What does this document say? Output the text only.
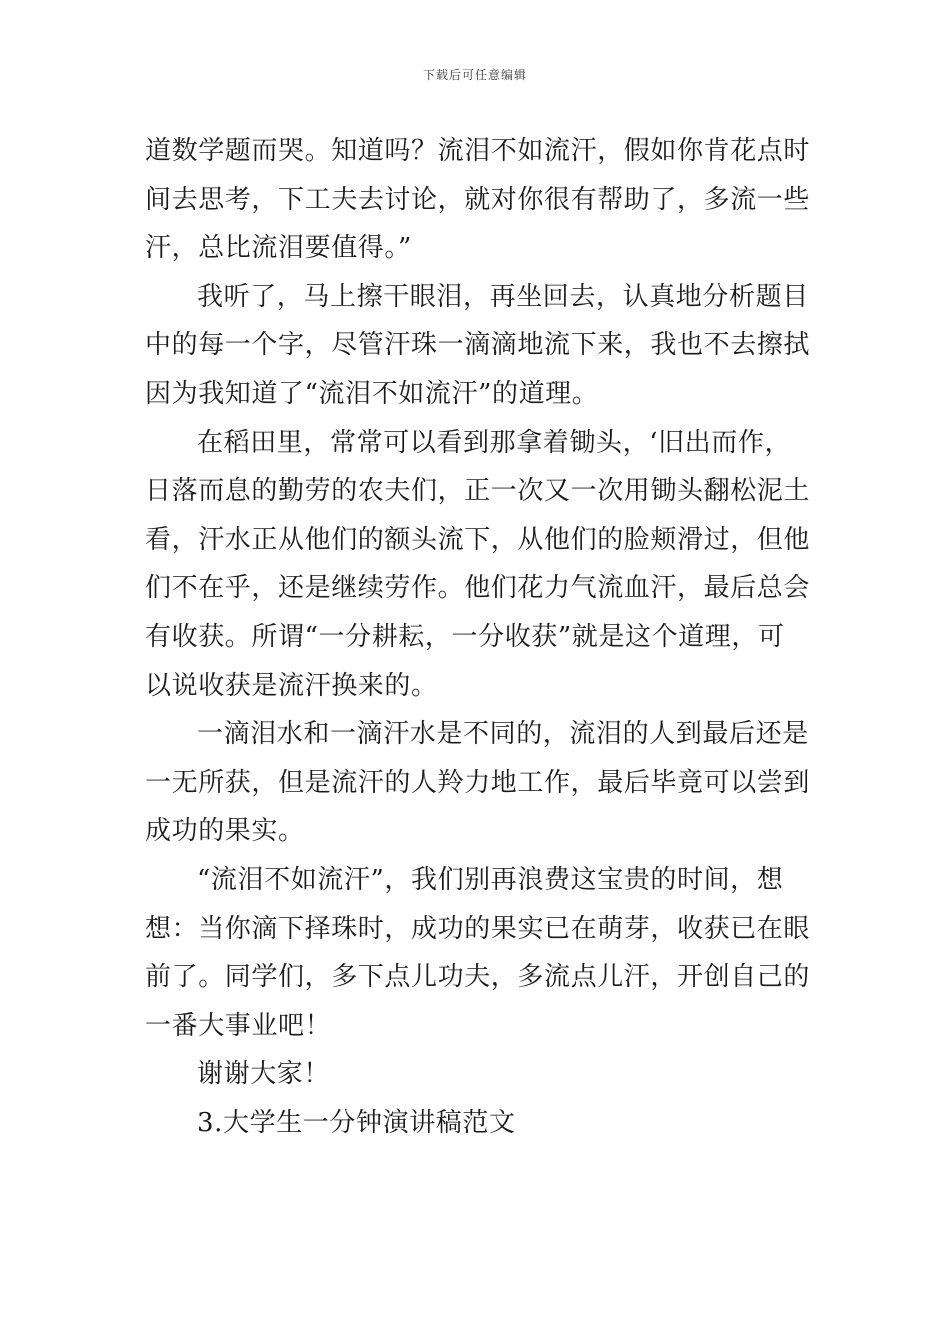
下载后可任意编辑
道数学题而哭。知道吗？流泪不如流汗，假如你肯花点时
间去思考，下工夫去讨论，就对你很有帮助了，多流一些
汗，总比流泪要值得。”
我听了，马上擦干眼泪，再坐回去，认真地分析题目
中的每一个字，尽管汗珠一滴滴地流下来，我也不去擦拭
因为我知道了“流泪不如流汗”的道理。
在稻田里，常常可以看到那拿着锄头，‘旧出而作，
日落而息的勤劳的农夫们，正一次又一次用锄头翻松泥土
看，汗水正从他们的额头流下，从他们的脸颊滑过，但他
们不在乎，还是继续劳作。他们花力气流血汗，最后总会
有收获。所谓“一分耕耘，一分收获”就是这个道理，可
以说收获是流汗换来的。
一滴泪水和一滴汗水是不同的，流泪的人到最后还是
一无所获，但是流汗的人羚力地工作，最后毕竟可以尝到
成功的果实。
“流泪不如流汗”，我们别再浪费这宝贵的时间，想
想：当你滴下择珠时，成功的果实已在萌芽，收获已在眼
前了。同学们，多下点儿功夫，多流点儿汗，开创自己的
一番大事业吧！
谢谢大家！
3.大学生一分钟演讲稿范文
